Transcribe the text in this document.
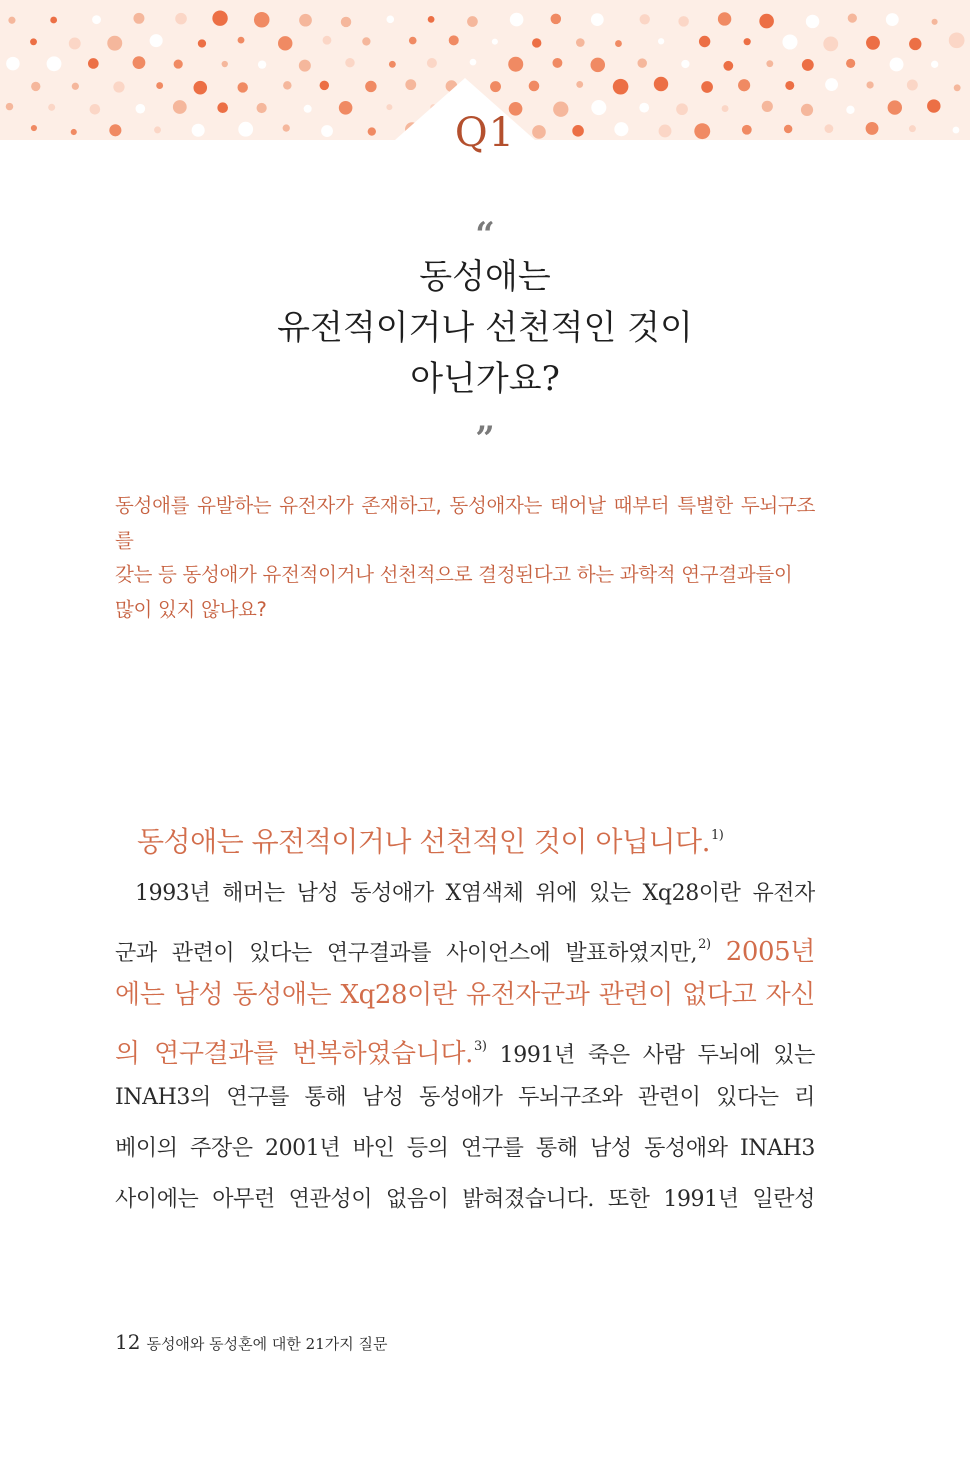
Q1
“
동성애는
유전적이거나 선천적인 것이
아닌가요?
”
동성애를 유발하는 유전자가 존재하고, 동성애자는 태어날 때부터 특별한 두뇌구조를
갖는 등 동성애가 유전적이거나 선천적으로 결정된다고 하는 과학적 연구결과들이
많이 있지 않나요?
동성애는 유전적이거나 선천적인 것이 아닙니다.$^{1)}$
1993년 해머는 남성 동성애가 X염색체 위에 있는 Xq28이란 유전자
군과 관련이 있다는 연구결과를 사이언스에 발표하였지만,$^{2)}$ 2005년
에는 남성 동성애는 Xq28이란 유전자군과 관련이 없다고 자신
의 연구결과를 번복하였습니다.$^{3)}$ 1991년 죽은 사람 두뇌에 있는
INAH3의 연구를 통해 남성 동성애가 두뇌구조와 관련이 있다는 리
베이의 주장은 2001년 바인 등의 연구를 통해 남성 동성애와 INAH3
사이에는 아무런 연관성이 없음이 밝혀졌습니다. 또한 1991년 일란성
12 동성애와 동성혼에 대한 21가지 질문
